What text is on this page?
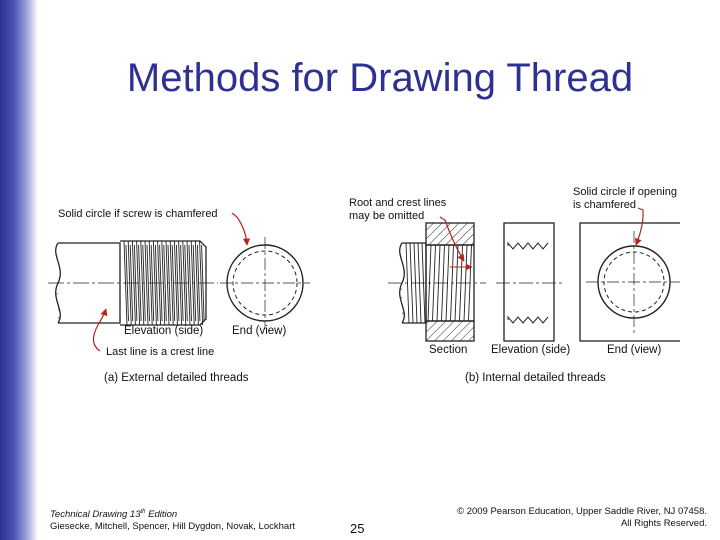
Methods for Drawing Thread
Solid circle if screw is chamfered
Last line is a crest line
Elevation (side) End (view)
(a) External detailed threads
Root and crest lines
may be omitted
Solid circle if opening
is chamfered
Section Elevation (side)	End (view)
(b) Internal detailed threads
Technical Drawing 13th Edition
Giesecke, Mitchell, Spencer, Hill Dygdon, Novak, Lockhart	25
© 2009 Pearson Education, Upper Saddle River, NJ 07458.
All Rights Reserved.
